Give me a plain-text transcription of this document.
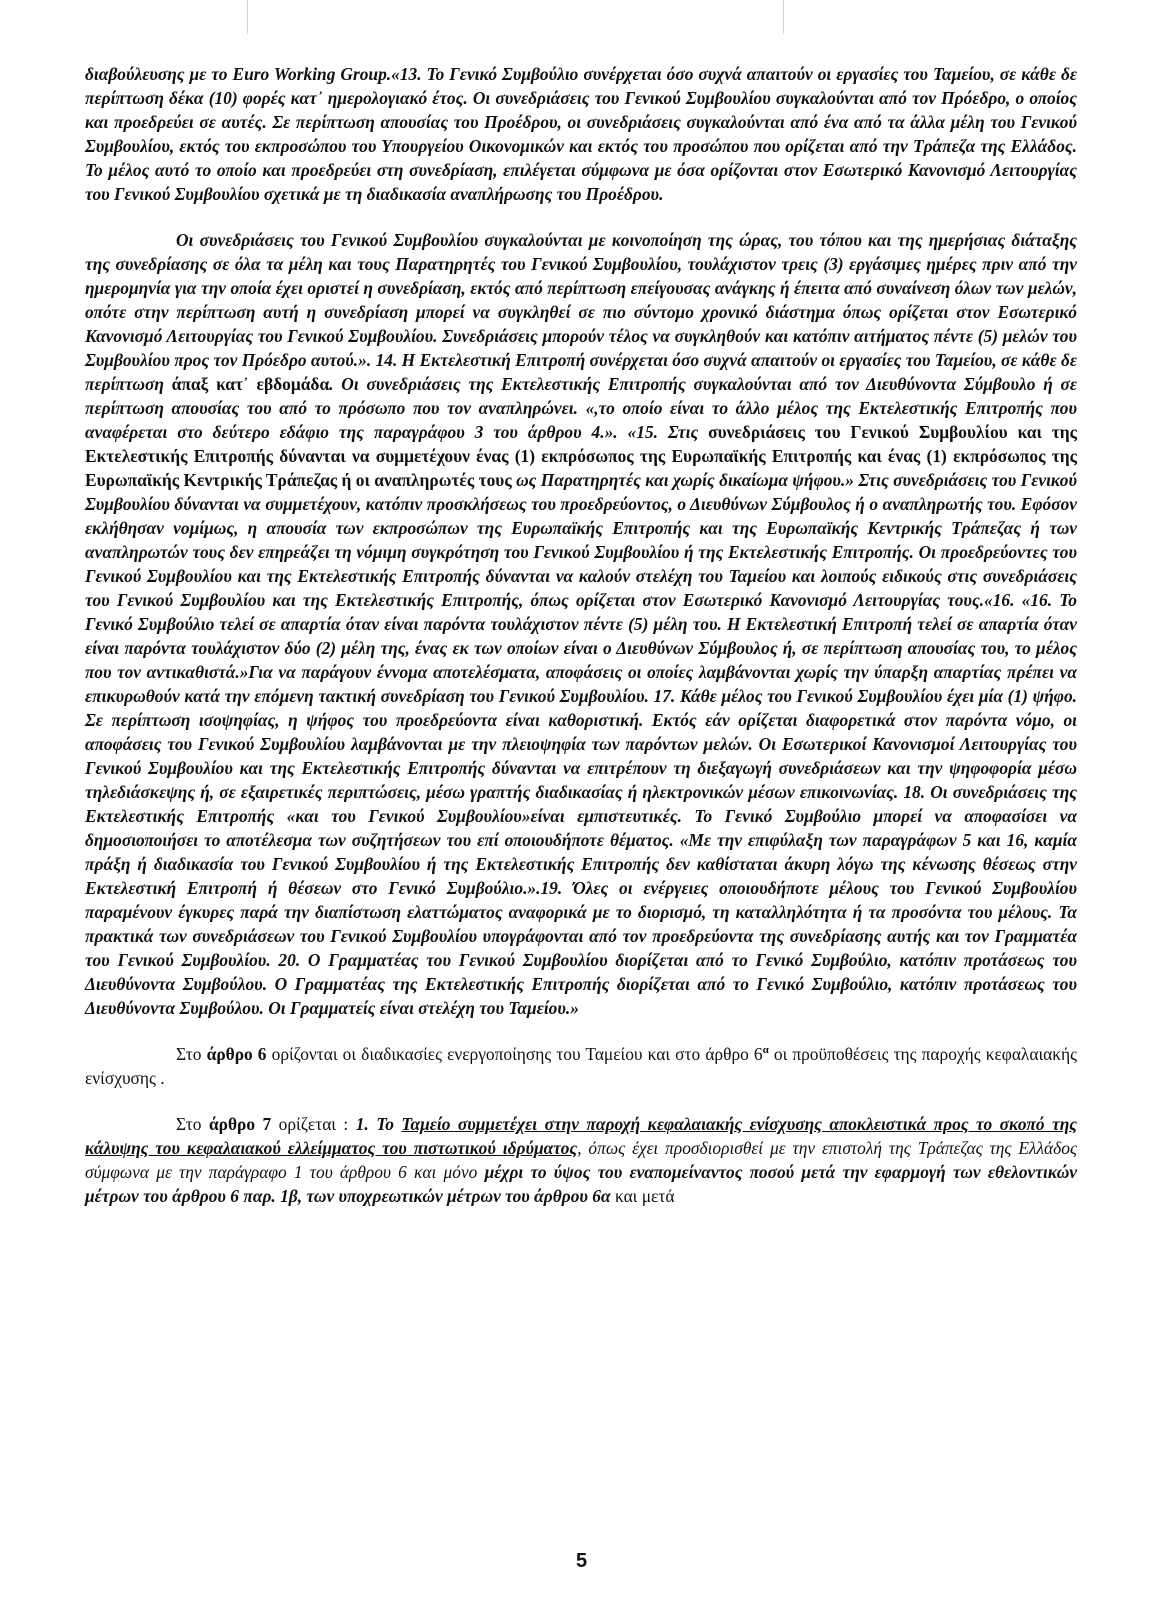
διαβούλευσης με το Euro Working Group.«13. Το Γενικό Συμβούλιο συνέρχεται όσο συχνά απαιτούν οι εργασίες του Ταμείου, σε κάθε δε περίπτωση δέκα (10) φορές κατ᾽ ημερολογιακό έτος. Οι συνεδριάσεις του Γενικού Συμβουλίου συγκαλούνται από τον Πρόεδρο, ο οποίος και προεδρεύει σε αυτές. Σε περίπτωση απουσίας του Προέδρου, οι συνεδριάσεις συγκαλούνται από ένα από τα άλλα μέλη του Γενικού Συμβουλίου, εκτός του εκπροσώπου του Υπουργείου Οικονομικών και εκτός του προσώπου που ορίζεται από την Τράπεζα της Ελλάδος. Το μέλος αυτό το οποίο και προεδρεύει στη συνεδρίαση, επιλέγεται σύμφωνα με όσα ορίζονται στον Εσωτερικό Κανονισμό Λειτουργίας του Γενικού Συμβουλίου σχετικά με τη διαδικασία αναπλήρωσης του Προέδρου.

Οι συνεδριάσεις του Γενικού Συμβουλίου συγκαλούνται με κοινοποίηση της ώρας, του τόπου και της ημερήσιας διάταξης της συνεδρίασης σε όλα τα μέλη και τους Παρατηρητές του Γενικού Συμβουλίου, τουλάχιστον τρεις (3) εργάσιμες ημέρες πριν από την ημερομηνία για την οποία έχει οριστεί η συνεδρίαση, εκτός από περίπτωση επείγουσας ανάγκης ή έπειτα από συναίνεση όλων των μελών, οπότε στην περίπτωση αυτή η συνεδρίαση μπορεί να συγκληθεί σε πιο σύντομο χρονικό διάστημα όπως ορίζεται στον Εσωτερικό Κανονισμό Λειτουργίας του Γενικού Συμβουλίου. Συνεδριάσεις μπορούν τέλος να συγκληθούν και κατόπιν αιτήματος πέντε (5) μελών του Συμβουλίου προς τον Πρόεδρο αυτού.». 14. Η Εκτελεστική Επιτροπή συνέρχεται όσο συχνά απαιτούν οι εργασίες του Ταμείου, σε κάθε δε περίπτωση άπαξ κατ᾽ εβδομάδα. Οι συνεδριάσεις της Εκτελεστικής Επιτροπής συγκαλούνται από τον Διευθύνοντα Σύμβουλο ή σε περίπτωση απουσίας του από το πρόσωπο που τον αναπληρώνει. «,το οποίο είναι το άλλο μέλος της Εκτελεστικής Επιτροπής που αναφέρεται στο δεύτερο εδάφιο της παραγράφου 3 του άρθρου 4.». «15. Στις συνεδριάσεις του Γενικού Συμβουλίου και της Εκτελεστικής Επιτροπής δύνανται να συμμετέχουν ένας (1) εκπρόσωπος της Ευρωπαϊκής Επιτροπής και ένας (1) εκπρόσωπος της Ευρωπαϊκής Κεντρικής Τράπεζας ή οι αναπληρωτές τους ως Παρατηρητές και χωρίς δικαίωμα ψήφου.» Στις συνεδριάσεις του Γενικού Συμβουλίου δύνανται να συμμετέχουν, κατόπιν προσκλήσεως του προεδρεύοντος, ο Διευθύνων Σύμβουλος ή ο αναπληρωτής του. Εφόσον εκλήθησαν νομίμως, η απουσία των εκπροσώπων της Ευρωπαϊκής Επιτροπής και της Ευρωπαϊκής Κεντρικής Τράπεζας ή των αναπληρωτών τους δεν επηρεάζει τη νόμιμη συγκρότηση του Γενικού Συμβουλίου ή της Εκτελεστικής Επιτροπής. Οι προεδρεύοντες του Γενικού Συμβουλίου και της Εκτελεστικής Επιτροπής δύνανται να καλούν στελέχη του Ταμείου και λοιπούς ειδικούς στις συνεδριάσεις του Γενικού Συμβουλίου και της Εκτελεστικής Επιτροπής, όπως ορίζεται στον Εσωτερικό Κανονισμό Λειτουργίας τους.«16. «16. Το Γενικό Συμβούλιο τελεί σε απαρτία όταν είναι παρόντα τουλάχιστον πέντε (5) μέλη του. Η Εκτελεστική Επιτροπή τελεί σε απαρτία όταν είναι παρόντα τουλάχιστον δύο (2) μέλη της, ένας εκ των οποίων είναι ο Διευθύνων Σύμβουλος ή, σε περίπτωση απουσίας του, το μέλος που τον αντικαθιστά.»Για να παράγουν έννομα αποτελέσματα, αποφάσεις οι οποίες λαμβάνονται χωρίς την ύπαρξη απαρτίας πρέπει να επικυρωθούν κατά την επόμενη τακτική συνεδρίαση του Γενικού Συμβουλίου. 17. Κάθε μέλος του Γενικού Συμβουλίου έχει μία (1) ψήφο. Σε περίπτωση ισοψηφίας, η ψήφος του προεδρεύοντα είναι καθοριστική. Εκτός εάν ορίζεται διαφορετικά στον παρόντα νόμο, οι αποφάσεις του Γενικού Συμβουλίου λαμβάνονται με την πλειοψηφία των παρόντων μελών. Οι Εσωτερικοί Κανονισμοί Λειτουργίας του Γενικού Συμβουλίου και της Εκτελεστικής Επιτροπής δύνανται να επιτρέπουν τη διεξαγωγή συνεδριάσεων και την ψηφοφορία μέσω τηλεδιάσκεψης ή, σε εξαιρετικές περιπτώσεις, μέσω γραπτής διαδικασίας ή ηλεκτρονικών μέσων επικοινωνίας. 18. Οι συνεδριάσεις της Εκτελεστικής Επιτροπής «και του Γενικού Συμβουλίου»είναι εμπιστευτικές. Το Γενικό Συμβούλιο μπορεί να αποφασίσει να δημοσιοποιήσει το αποτέλεσμα των συζητήσεων του επί οποιουδήποτε θέματος. «Με την επιφύλαξη των παραγράφων 5 και 16, καμία πράξη ή διαδικασία του Γενικού Συμβουλίου ή της Εκτελεστικής Επιτροπής δεν καθίσταται άκυρη λόγω της κένωσης θέσεως στην Εκτελεστική Επιτροπή ή θέσεων στο Γενικό Συμβούλιο.».19. Όλες οι ενέργειες οποιουδήποτε μέλους του Γενικού Συμβουλίου παραμένουν έγκυρες παρά την διαπίστωση ελαττώματος αναφορικά με το διορισμό, τη καταλληλότητα ή τα προσόντα του μέλους. Τα πρακτικά των συνεδριάσεων του Γενικού Συμβουλίου υπογράφονται από τον προεδρεύοντα της συνεδρίασης αυτής και τον Γραμματέα του Γενικού Συμβουλίου. 20. Ο Γραμματέας του Γενικού Συμβουλίου διορίζεται από το Γενικό Συμβούλιο, κατόπιν προτάσεως του Διευθύνοντα Συμβούλου. Ο Γραμματέας της Εκτελεστικής Επιτροπής διορίζεται από το Γενικό Συμβούλιο, κατόπιν προτάσεως του Διευθύνοντα Συμβούλου. Οι Γραμματείς είναι στελέχη του Ταμείου.»

Στο άρθρο 6 ορίζονται οι διαδικασίες ενεργοποίησης του Ταμείου και στο άρθρο $6^\alpha$ οι προϋποθέσεις της παροχής κεφαλαιακής ενίσχυσης .

Στο άρθρο 7 ορίζεται : 1. Το Ταμείο συμμετέχει στην παροχή κεφαλαιακής ενίσχυσης αποκλειστικά προς το σκοπό της κάλυψης του κεφαλαιακού ελλείμματος του πιστωτικού ιδρύματος, όπως έχει προσδιορισθεί με την επιστολή της Τράπεζας της Ελλάδος σύμφωνα με την παράγραφο 1 του άρθρου 6 και μόνο μέχρι το ύψος του εναπομείναντος ποσού μετά την εφαρμογή των εθελοντικών μέτρων του άρθρου 6 παρ. 1β, των υποχρεωτικών μέτρων του άρθρου 6α και μετά

5
